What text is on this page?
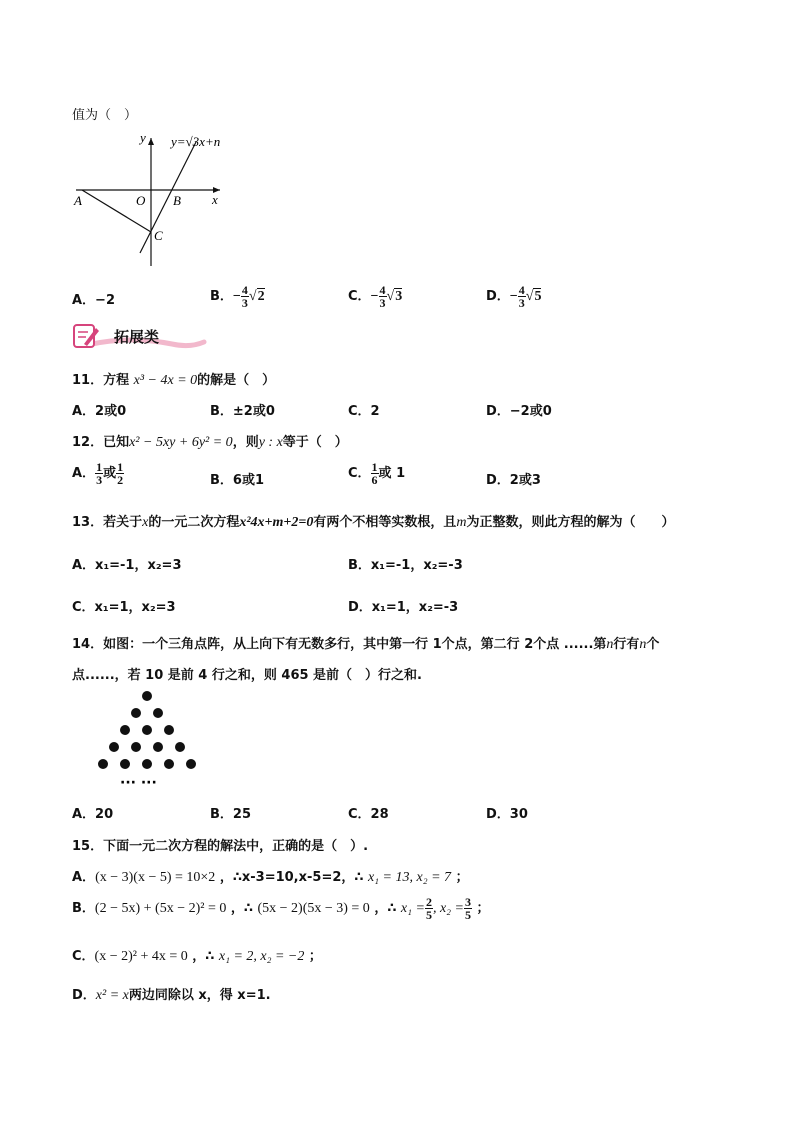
值为（　）
y=√3x+n
y
x
A	O B
C
A．−2	B．− $\frac{4}{3} √2$	C．− $\frac{4}{3} √3$	D．− $\frac{4}{3} √5$
拓展类
11．方程 x³ − 4x = 0的解是（　）
A．2或0	B．±2或0	C．2	D．−2或0
12．已知x² − 5xy + 6y² = 0，则y : x等于（　）
A． $\frac{1}{3}$ 或 $\frac{1}{2}$	B．6或1	C． $\frac{1}{6}$ 或 1	D．2或3
13．若关于x的一元二次方程x²4x+m+2=0有两个不相等实数根，且m为正整数，则此方程的解为（　　）
A．x₁=-1，x₂=3	B．x₁=-1，x₂=-3
C．x₁=1，x₂=3	D．x₁=1，x₂=-3
14．如图：一个三角点阵，从上向下有无数多行，其中第一行 1个点，第二行 2个点 ......第n行有n个
点......，若 10 是前 4 行之和，则 465 是前（　）行之和.
··· ···
A．20	B．25	C．28	D．30
15．下面一元二次方程的解法中，正确的是（　）.
A．(x − 3)(x − 5) = 10×2 ，∴x-3=10,x-5=2，∴ x₁ = 13, x₂ = 7 ；
B．(2 − 5x) + (5x − 2)² = 0 ，∴ (5x − 2)(5x − 3) = 0 ，∴ $x_1 = \frac{2}{5}$ , $x_2 = \frac{3}{5}$ ；
C．(x − 2)² + 4x = 0 ，∴ x₁ = 2, x₂ = −2 ；
D．x² = x两边同除以 x，得 x=1.
